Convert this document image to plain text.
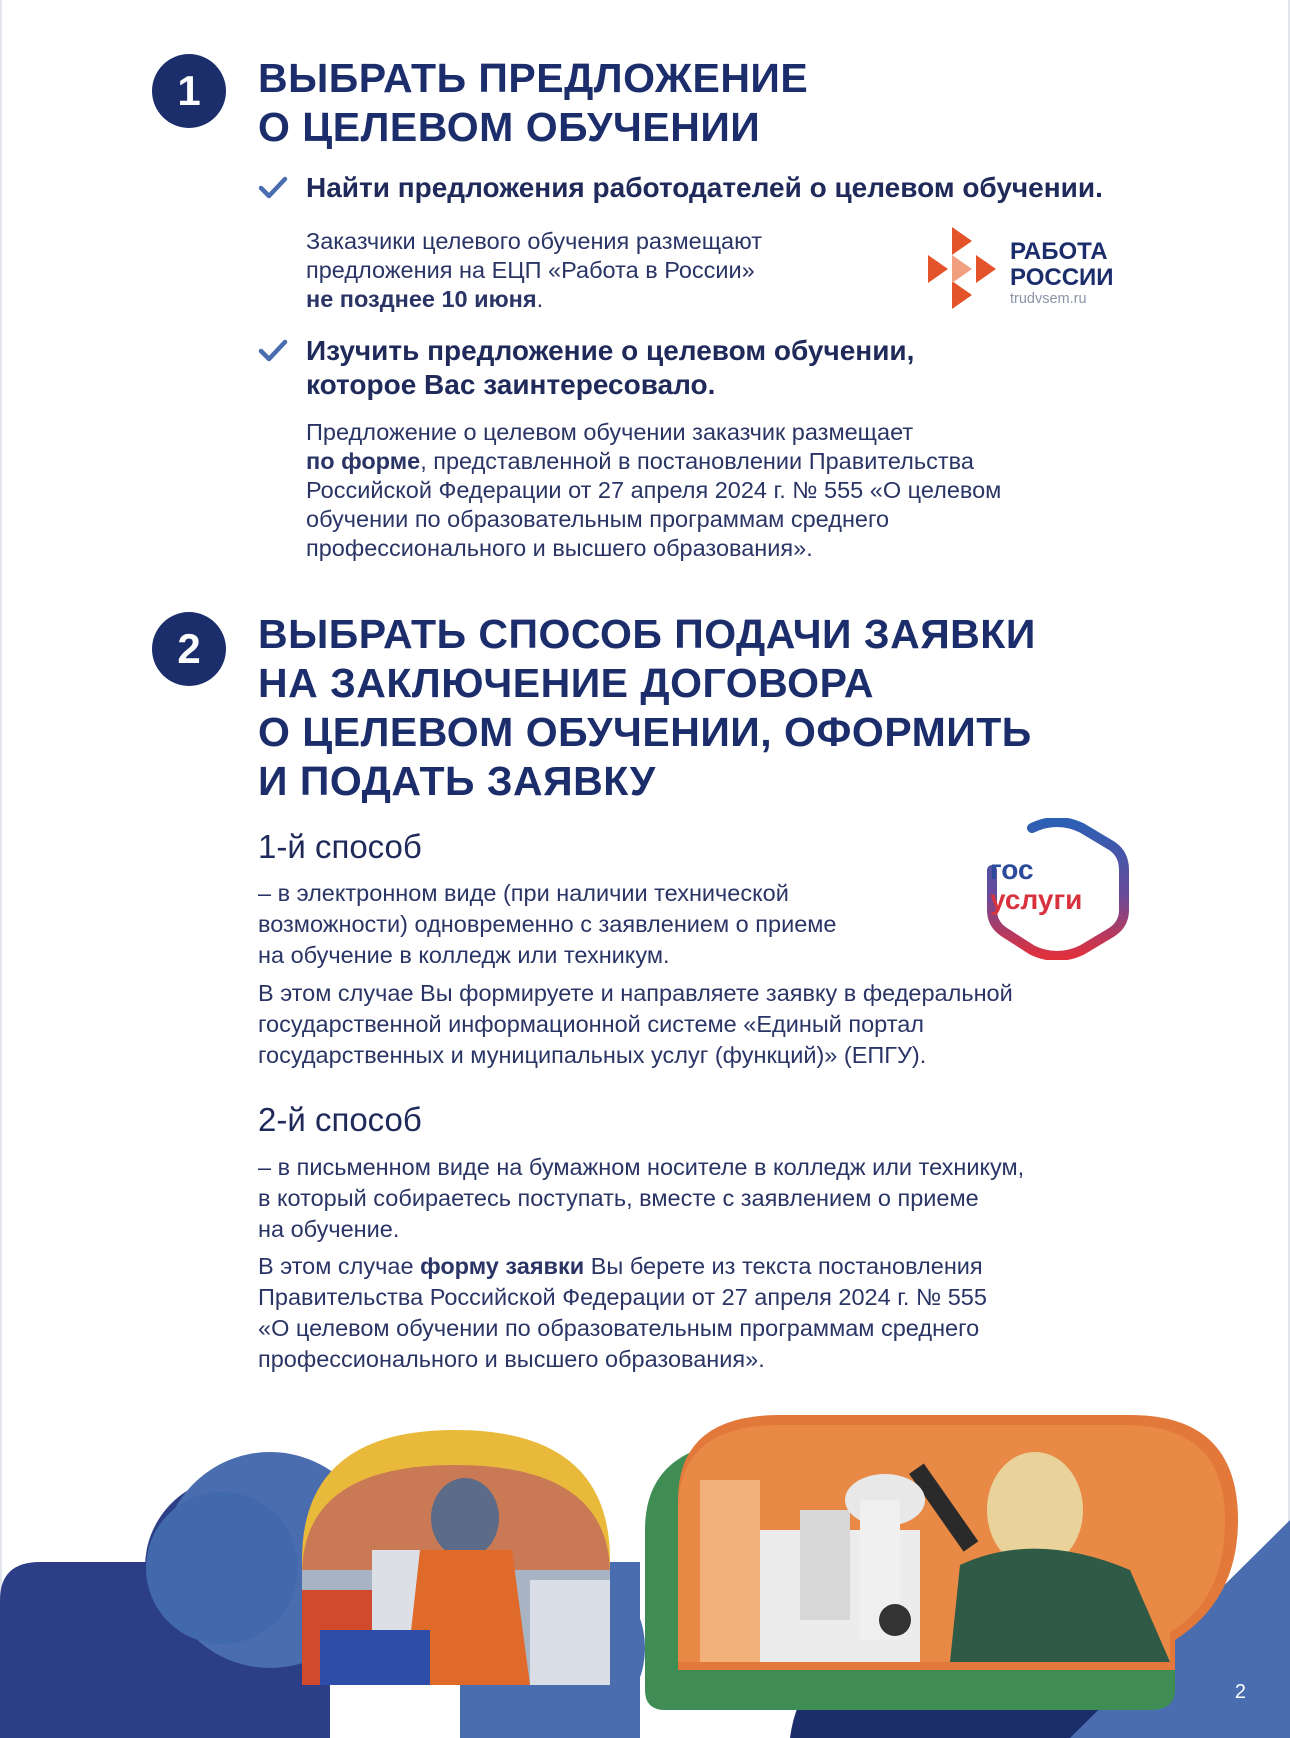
1	ВЫБРАТЬ ПРЕДЛОЖЕНИЕ
О ЦЕЛЕВОМ ОБУЧЕНИИ
Найти предложения работодателей о целевом обучении.
Заказчики целевого обучения размещают
предложения на ЕЦП «Работа в России»
не позднее 10 июня.
РАБОТА
РОССИИ
trudvsem.ru
Изучить предложение о целевом обучении,
которое Вас заинтересовало.
Предложение о целевом обучении заказчик размещает
по форме, представленной в постановлении Правительства
Российской Федерации от 27 апреля 2024 г. № 555 «О целевом
обучении по образовательным программам среднего
профессионального и высшего образования».
2	ВЫБРАТЬ СПОСОБ ПОДАЧИ ЗАЯВКИ
НА ЗАКЛЮЧЕНИЕ ДОГОВОРА
О ЦЕЛЕВОМ ОБУЧЕНИИ, ОФОРМИТЬ
И ПОДАТЬ ЗАЯВКУ
1-й способ
– в электронном виде (при наличии технической
возможности) одновременно с заявлением о приеме
на обучение в колледж или техникум.
В этом случае Вы формируете и направляете заявку в федеральной
государственной информационной системе «Единый портал
государственных и муниципальных услуг (функций)» (ЕПГУ).
гос
услуги
2-й способ
– в письменном виде на бумажном носителе в колледж или техникум,
в который собираетесь поступать, вместе с заявлением о приеме
на обучение.
В этом случае форму заявки Вы берете из текста постановления
Правительства Российской Федерации от 27 апреля 2024 г. № 555
«О целевом обучении по образовательным программам среднего
профессионального и высшего образования».
2
